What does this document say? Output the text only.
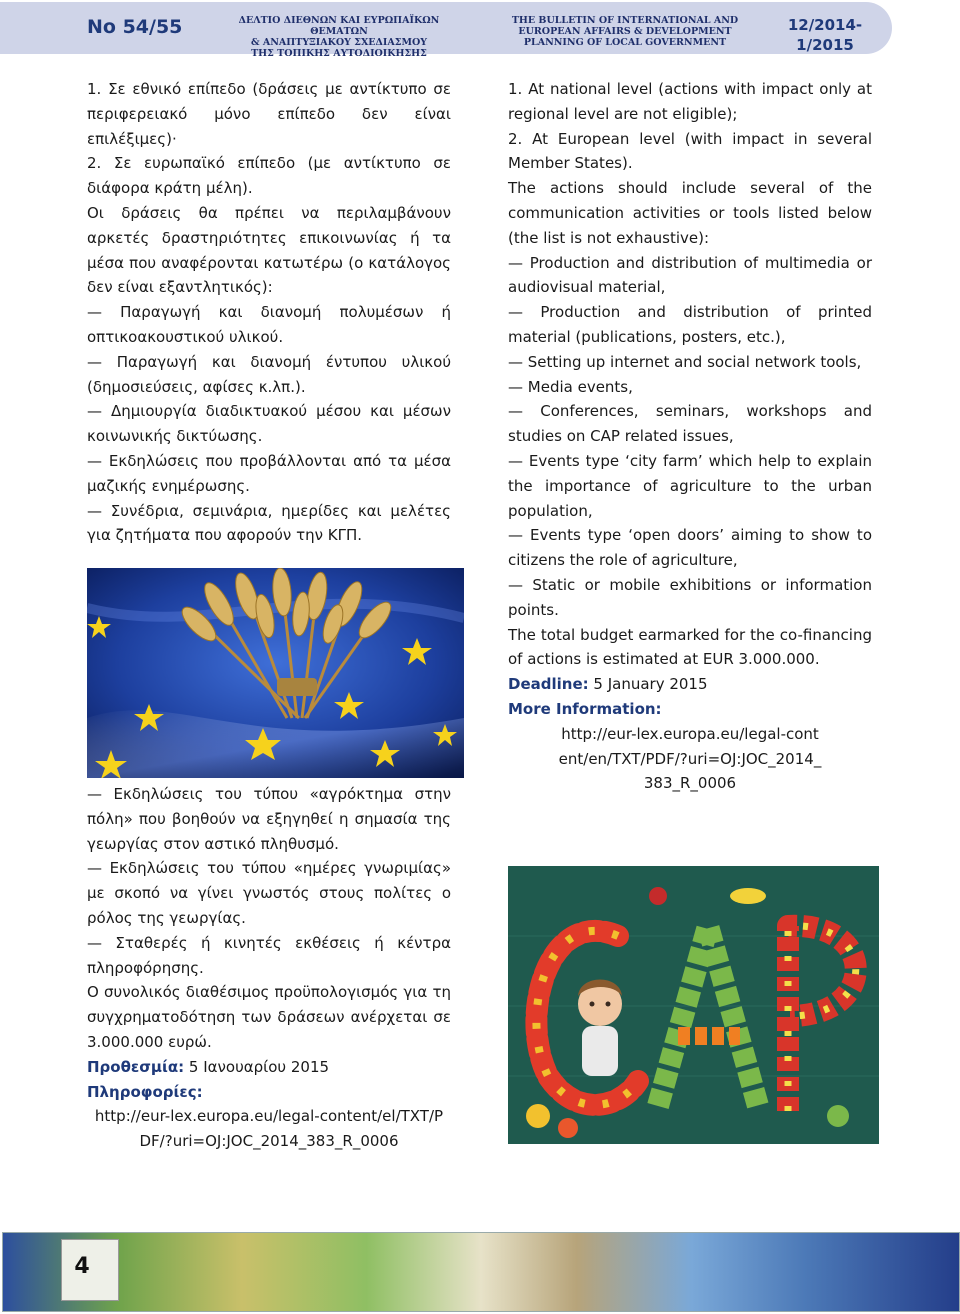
No 54/55	ΔΕΛΤΙΟ ΔΙΕΘΝΩΝ ΚΑΙ ΕΥΡΩΠΑΪΚΩΝ ΘΕΜΑΤΩΝ
& ΑΝΑΠΤΥΞΙΑΚΟΥ ΣΧΕΔΙΑΣΜΟΥ
ΤΗΣ ΤΟΠΙΚΗΣ ΑΥΤΟΔΙΟΙΚΗΣΗΣ
THE BULLETIN OF INTERNATIONAL AND
EUROPEAN AFFAIRS & DEVELOPMENT
PLANNING OF LOCAL GOVERNMENT
12/2014-
1/2015

1. Σε εθνικό επίπεδο (δράσεις με αντίκτυπο σε περιφερειακό μόνο επίπεδο δεν είναι επιλέξιμες)·

2. Σε ευρωπαϊκό επίπεδο (με αντίκτυπο σε διάφορα κράτη μέλη).

Οι δράσεις θα πρέπει να περιλαμβάνουν αρκετές δραστηριότητες επικοινωνίας ή τα μέσα που αναφέρονται κατωτέρω (ο κατάλογος δεν είναι εξαντλητικός):

— Παραγωγή και διανομή πολυμέσων ή οπτικοακουστικού υλικού.

— Παραγωγή και διανομή έντυπου υλικού (δημοσιεύσεις, αφίσες κ.λπ.).

— Δημιουργία διαδικτυακού μέσου και μέσων κοινωνικής δικτύωσης.

— Εκδηλώσεις που προβάλλονται από τα μέσα μαζικής ενημέρωσης.

— Συνέδρια, σεμινάρια, ημερίδες και μελέτες για ζητήματα που αφορούν την ΚΓΠ.

— Εκδηλώσεις του τύπου «αγρόκτημα στην πόλη» που βοηθούν να εξηγηθεί η σημασία της γεωργίας στον αστικό πληθυσμό.

— Εκδηλώσεις του τύπου «ημέρες γνωριμίας» με σκοπό να γίνει γνωστός στους πολίτες ο ρόλος της γεωργίας.

— Σταθερές ή κινητές εκθέσεις ή κέντρα πληροφόρησης.

Ο συνολικός διαθέσιμος προϋπολογισμός για τη συγχρηματοδότηση των δράσεων ανέρχεται σε 3.000.000 ευρώ.

Προθεσμία: 5 Ιανουαρίου 2015

Πληροφορίες:

http://eur-lex.europa.eu/legal-content/el/TXT/PDF/?uri=OJ:JOC_2014_383_R_0006

1. At national level (actions with impact only at regional level are not eligible);

2. At European level (with impact in several Member States).

The actions should include several of the communication activities or tools listed below (the list is not exhaustive):

— Production and distribution of multimedia or audiovisual material,

— Production and distribution of printed material (publications, posters, etc.),

— Setting up internet and social network tools,

— Media events,

— Conferences, seminars, workshops and studies on CAP related issues,

— Events type ‘city farm’ which help to explain the importance of agriculture to the urban population,

— Events type ‘open doors’ aiming to show to citizens the role of agriculture,

— Static or mobile exhibitions or information points.

The total budget earmarked for the co-financing of actions is estimated at EUR 3.000.000.

Deadline: 5 January 2015

More Information:

http://eur-lex.europa.eu/legal-content/en/TXT/PDF/?uri=OJ:JOC_2014_383_R_0006

4
